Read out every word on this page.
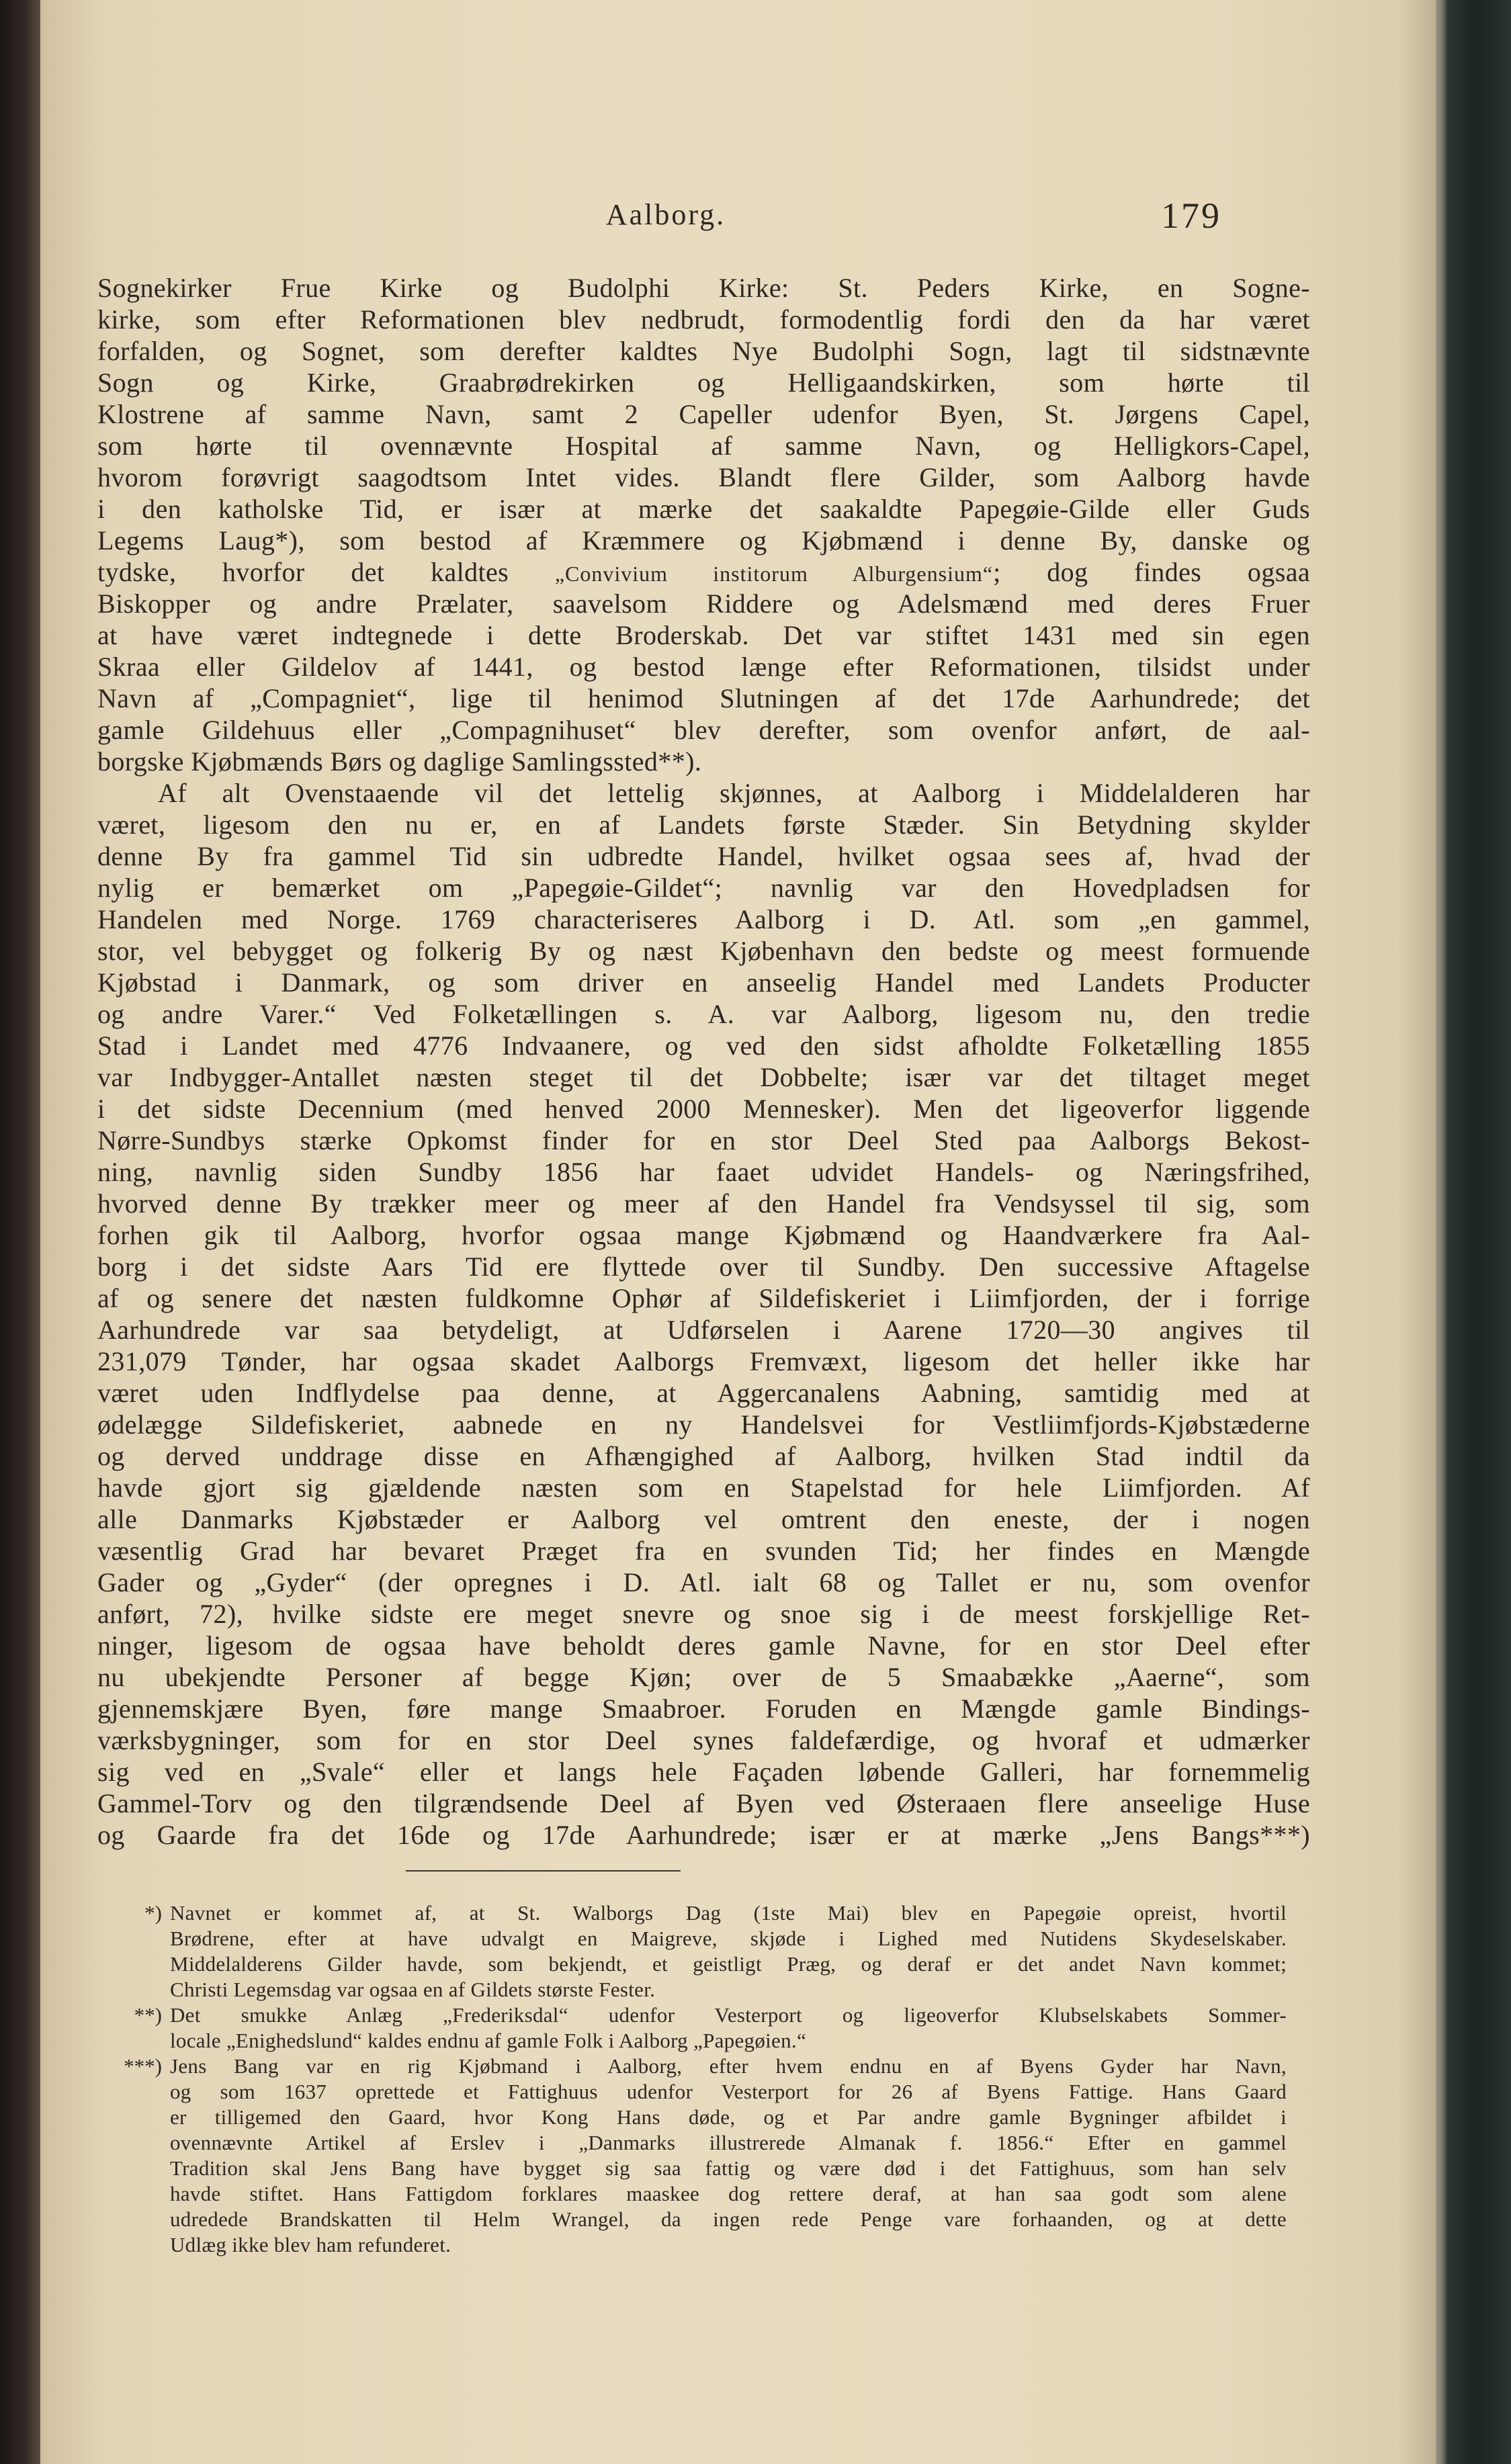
Aalborg.	179
Sognekirker Frue Kirke og Budolphi Kirke: St. Peders Kirke, en Sogne-
kirke, som efter Reformationen blev nedbrudt, formodentlig fordi den da har været
forfalden, og Sognet, som derefter kaldtes Nye Budolphi Sogn, lagt til sidstnævnte
Sogn og Kirke, Graabrødrekirken og Helligaandskirken, som hørte til
Klostrene af samme Navn, samt 2 Capeller udenfor Byen, St. Jørgens Capel,
som hørte til ovennævnte Hospital af samme Navn, og Helligkors-Capel,
hvorom forøvrigt saagodtsom Intet vides. Blandt flere Gilder, som Aalborg havde
i den katholske Tid, er især at mærke det saakaldte Papegøie-Gilde eller Guds
Legems Laug*), som bestod af Kræmmere og Kjøbmænd i denne By, danske og
tydske, hvorfor det kaldtes „Convivium institorum Alburgensium“; dog findes ogsaa
Biskopper og andre Prælater, saavelsom Riddere og Adelsmænd med deres Fruer
at have været indtegnede i dette Broderskab. Det var stiftet 1431 med sin egen
Skraa eller Gildelov af 1441, og bestod længe efter Reformationen, tilsidst under
Navn af „Compagniet“, lige til henimod Slutningen af det 17de Aarhundrede; det
gamle Gildehuus eller „Compagnihuset“ blev derefter, som ovenfor anført, de aal-
borgske Kjøbmænds Børs og daglige Samlingssted**).
Af alt Ovenstaaende vil det lettelig skjønnes, at Aalborg i Middelalderen har
været, ligesom den nu er, en af Landets første Stæder. Sin Betydning skylder
denne By fra gammel Tid sin udbredte Handel, hvilket ogsaa sees af, hvad der
nylig er bemærket om „Papegøie-Gildet“; navnlig var den Hovedpladsen for
Handelen med Norge. 1769 characteriseres Aalborg i D. Atl. som „en gammel,
stor, vel bebygget og folkerig By og næst Kjøbenhavn den bedste og meest formuende
Kjøbstad i Danmark, og som driver en anseelig Handel med Landets Producter
og andre Varer.“ Ved Folketællingen s. A. var Aalborg, ligesom nu, den tredie
Stad i Landet med 4776 Indvaanere, og ved den sidst afholdte Folketælling 1855
var Indbygger-Antallet næsten steget til det Dobbelte; især var det tiltaget meget
i det sidste Decennium (med henved 2000 Mennesker). Men det ligeoverfor liggende
Nørre-Sundbys stærke Opkomst finder for en stor Deel Sted paa Aalborgs Bekost-
ning, navnlig siden Sundby 1856 har faaet udvidet Handels- og Næringsfrihed,
hvorved denne By trækker meer og meer af den Handel fra Vendsyssel til sig, som
forhen gik til Aalborg, hvorfor ogsaa mange Kjøbmænd og Haandværkere fra Aal-
borg i det sidste Aars Tid ere flyttede over til Sundby. Den successive Aftagelse
af og senere det næsten fuldkomne Ophør af Sildefiskeriet i Liimfjorden, der i forrige
Aarhundrede var saa betydeligt, at Udførselen i Aarene 1720—30 angives til
231,079 Tønder, har ogsaa skadet Aalborgs Fremvæxt, ligesom det heller ikke har
været uden Indflydelse paa denne, at Aggercanalens Aabning, samtidig med at
ødelægge Sildefiskeriet, aabnede en ny Handelsvei for Vestliimfjords-Kjøbstæderne
og derved unddrage disse en Afhængighed af Aalborg, hvilken Stad indtil da
havde gjort sig gjældende næsten som en Stapelstad for hele Liimfjorden. Af
alle Danmarks Kjøbstæder er Aalborg vel omtrent den eneste, der i nogen
væsentlig Grad har bevaret Præget fra en svunden Tid; her findes en Mængde
Gader og „Gyder“ (der opregnes i D. Atl. ialt 68 og Tallet er nu, som ovenfor
anført, 72), hvilke sidste ere meget snevre og snoe sig i de meest forskjellige Ret-
ninger, ligesom de ogsaa have beholdt deres gamle Navne, for en stor Deel efter
nu ubekjendte Personer af begge Kjøn; over de 5 Smaabække „Aaerne“, som
gjennemskjære Byen, føre mange Smaabroer. Foruden en Mængde gamle Bindings-
værksbygninger, som for en stor Deel synes faldefærdige, og hvoraf et udmærker
sig ved en „Svale“ eller et langs hele Façaden løbende Galleri, har fornemmelig
Gammel-Torv og den tilgrændsende Deel af Byen ved Østeraaen flere anseelige Huse
og Gaarde fra det 16de og 17de Aarhundrede; især er at mærke „Jens Bangs***)
*) Navnet er kommet af, at St. Walborgs Dag (1ste Mai) blev en Papegøie opreist, hvortil
Brødrene, efter at have udvalgt en Maigreve, skjøde i Lighed med Nutidens Skydeselskaber.
Middelalderens Gilder havde, som bekjendt, et geistligt Præg, og deraf er det andet Navn kommet;
Christi Legemsdag var ogsaa en af Gildets største Fester.
**) Det smukke Anlæg „Frederiksdal“ udenfor Vesterport og ligeoverfor Klubselskabets Sommer-
locale „Enighedslund“ kaldes endnu af gamle Folk i Aalborg „Papegøien.“
***) Jens Bang var en rig Kjøbmand i Aalborg, efter hvem endnu en af Byens Gyder har Navn,
og som 1637 oprettede et Fattighuus udenfor Vesterport for 26 af Byens Fattige. Hans Gaard
er tilligemed den Gaard, hvor Kong Hans døde, og et Par andre gamle Bygninger afbildet i
ovennævnte Artikel af Erslev i „Danmarks illustrerede Almanak f. 1856.“ Efter en gammel
Tradition skal Jens Bang have bygget sig saa fattig og være død i det Fattighuus, som han selv
havde stiftet. Hans Fattigdom forklares maaskee dog rettere deraf, at han saa godt som alene
udredede Brandskatten til Helm Wrangel, da ingen rede Penge vare forhaanden, og at dette
Udlæg ikke blev ham refunderet.
